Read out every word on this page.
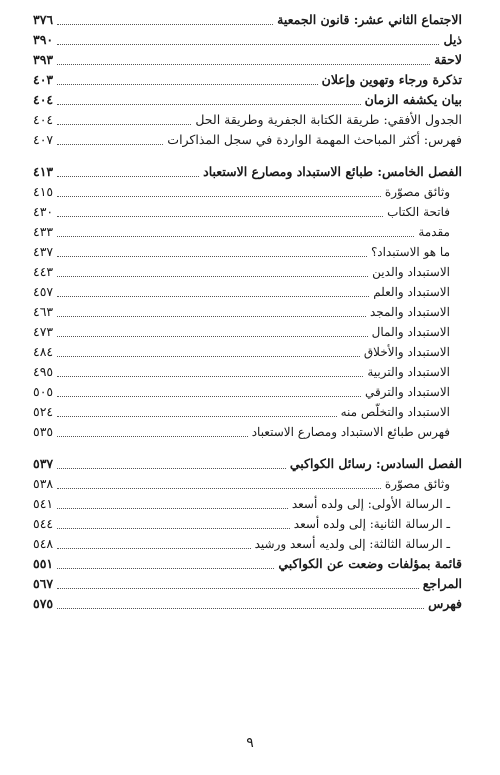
الاجتماع الثاني عشر: قانون الجمعية
٣٧٦
ذيل
٣٩٠
لاحقة
٣٩٣
تذكرة ورجاء وتهوين وإعلان
٤٠٣
بيان يكشفه الزمان
٤٠٤
الجدول الأفقي: طريقة الكتابة الجفرية وطريقة الحل
٤٠٤
فهرس: أكثر المباحث المهمة الواردة في سجل المذاكرات
٤٠٧
الفصل الخامس: طبائع الاستبداد ومصارع الاستعباد
٤١٣
وثائق مصوّرة
٤١٥
فاتحة الكتاب
٤٣٠
مقدمة
٤٣٣
ما هو الاستبداد؟
٤٣٧
الاستبداد والدين
٤٤٣
الاستبداد والعلم
٤٥٧
الاستبداد والمجد
٤٦٣
الاستبداد والمال
٤٧٣
الاستبداد والأخلاق
٤٨٤
الاستبداد والتربية
٤٩٥
الاستبداد والترقي
٥٠٥
الاستبداد والتخلّص منه
٥٢٤
فهرس طبائع الاستبداد ومصارع الاستعباد
٥٣٥
الفصل السادس: رسائل الكواكبي
٥٣٧
وثائق مصوّرة
٥٣٨
ـ الرسالة الأولى: إلى ولده أسعد
٥٤١
ـ الرسالة الثانية: إلى ولده أسعد
٥٤٤
ـ الرسالة الثالثة: إلى ولديه أسعد ورشيد
٥٤٨
قائمة بمؤلفات وضعت عن الكواكبي
٥٥١
المراجع
٥٦٧
فهرس
٥٧٥
٩
